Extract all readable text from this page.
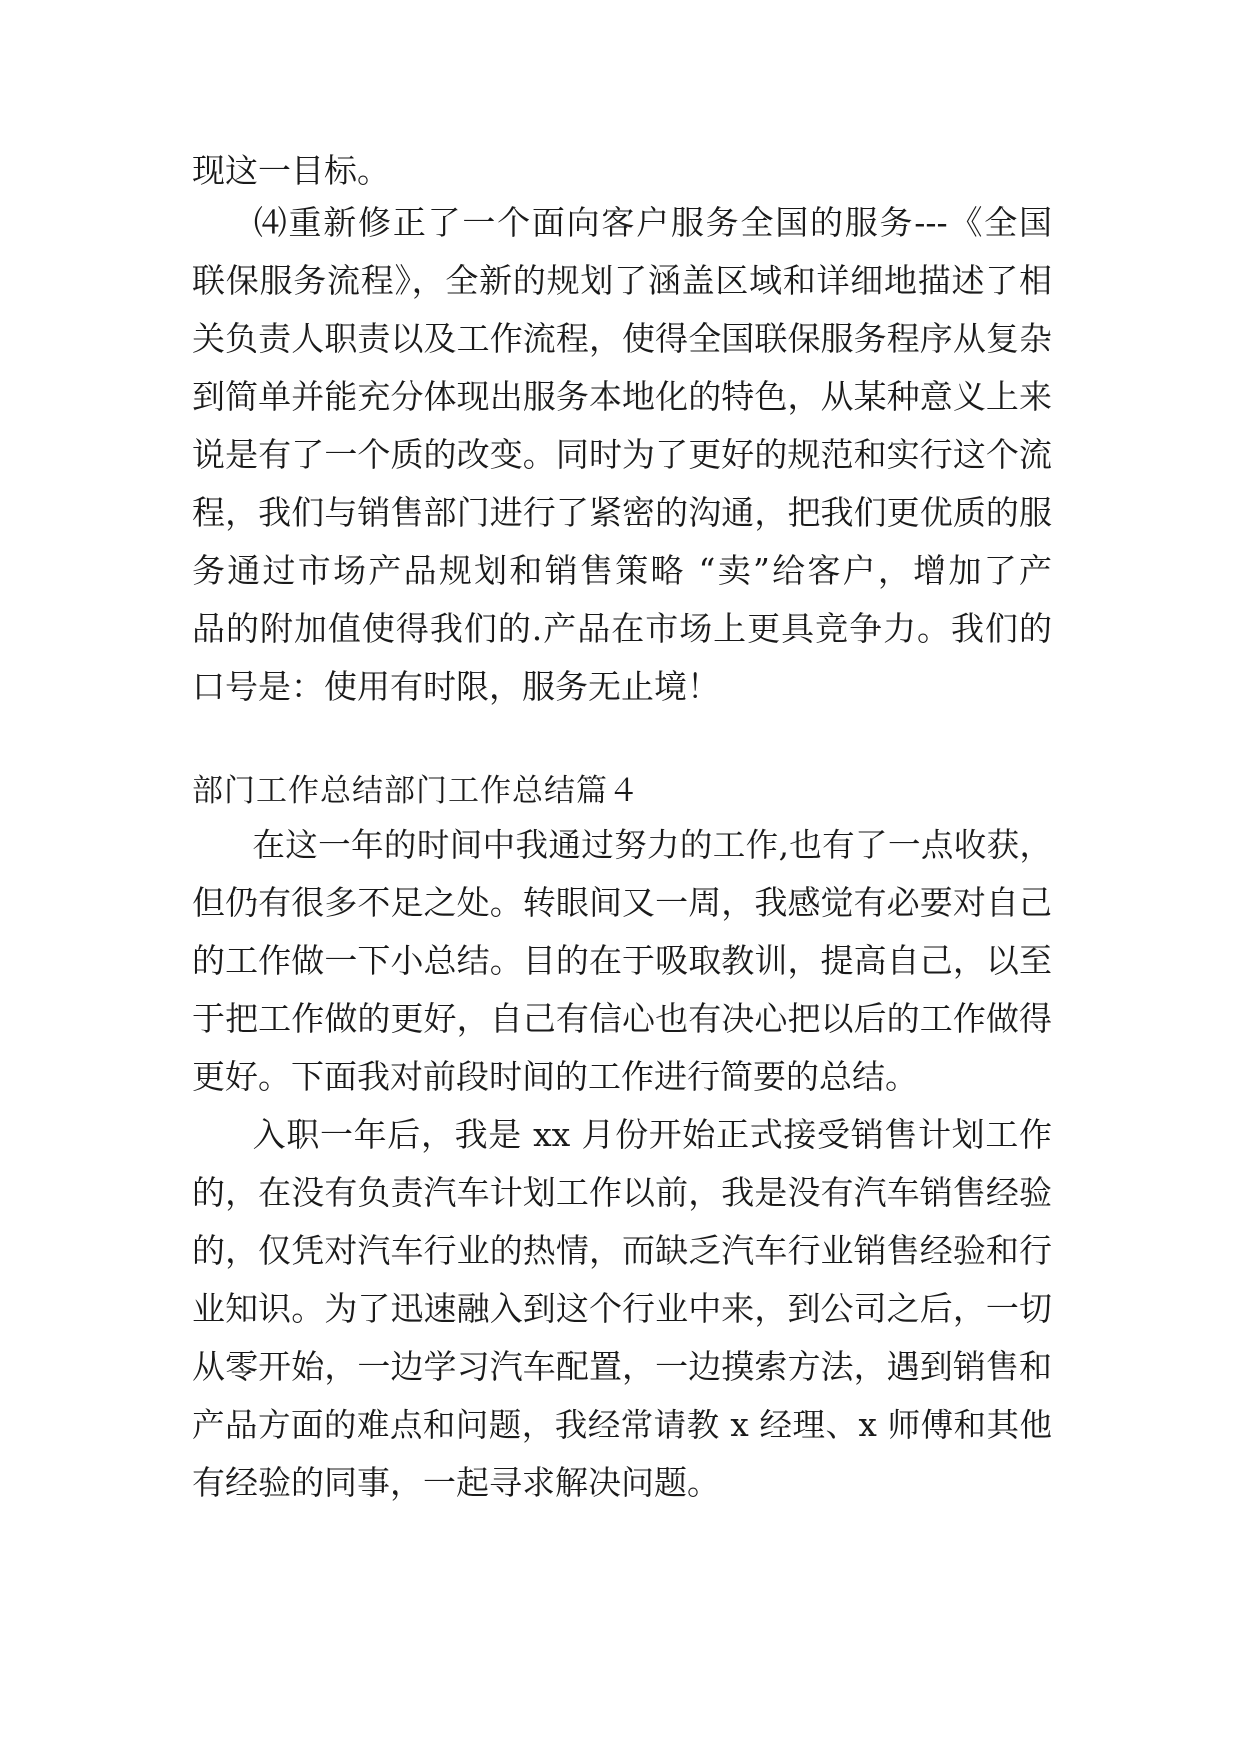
现这一目标。
⑷重新修正了一个面向客户服务全国的服务---《全国
联保服务流程》，全新的规划了涵盖区域和详细地描述了相
关负责人职责以及工作流程，使得全国联保服务程序从复杂
到简单并能充分体现出服务本地化的特色，从某种意义上来
说是有了一个质的改变。同时为了更好的规范和实行这个流
程，我们与销售部门进行了紧密的沟通，把我们更优质的服
务通过市场产品规划和销售策略 “卖”给客户，增加了产
品的附加值使得我们的.产品在市场上更具竞争力。我们的
口号是：使用有时限，服务无止境！
部门工作总结部门工作总结篇４
在这一年的时间中我通过努力的工作,也有了一点收获，
但仍有很多不足之处。转眼间又一周，我感觉有必要对自己
的工作做一下小总结。目的在于吸取教训，提高自己，以至
于把工作做的更好，自己有信心也有决心把以后的工作做得
更好。下面我对前段时间的工作进行简要的总结。
入职一年后，我是 xx 月份开始正式接受销售计划工作
的，在没有负责汽车计划工作以前，我是没有汽车销售经验
的，仅凭对汽车行业的热情，而缺乏汽车行业销售经验和行
业知识。为了迅速融入到这个行业中来，到公司之后，一切
从零开始，一边学习汽车配置，一边摸索方法，遇到销售和
产品方面的难点和问题，我经常请教 x 经理、x 师傅和其他
有经验的同事，一起寻求解决问题。
